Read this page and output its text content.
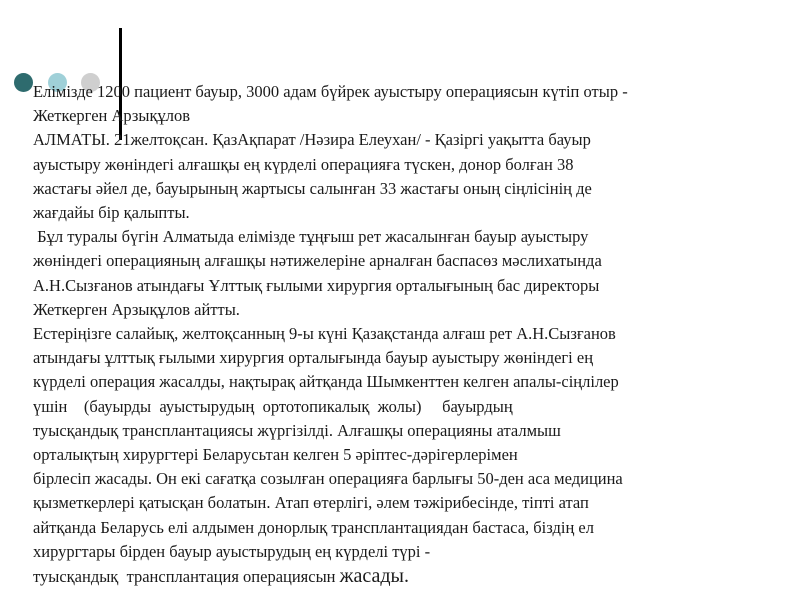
Елімізде 1200 пациент бауыр, 3000 адам бүйрек ауыстыру операциясын күтіп отыр -
Жеткерген Арзықұлов
АЛМАТЫ. 21желтоқсан. ҚазАқпарат /Нәзира Елеухан/ - Қазіргі уақытта бауыр
ауыстыру жөніндегі алғашқы ең күрделі операцияға түскен, донор болған 38
жастағы әйел де, бауырының жартысы салынған 33 жастағы оның сіңлісінің де
жағдайы бір қалыпты.
Бұл туралы бүгін Алматыда елімізде тұңғыш рет жасалынған бауыр ауыстыру
жөніндегі операцияның алғашқы нәтижелеріне арналған баспасөз мәслихатында
А.Н.Сызғанов атындағы Ұлттық ғылыми хирургия орталығының бас директоры
Жеткерген Арзықұлов айтты.
Естеріңізге салайық, желтоқсанның 9-ы күні Қазақстанда алғаш рет А.Н.Сызғанов
атындағы ұлттық ғылыми хирургия орталығында бауыр ауыстыру жөніндегі ең
күрделі операция жасалды, нақтырақ айтқанда Шымкенттен келген апалы-сіңлілер
үшін    (бауырды  ауыстырудың  ортотопикалық  жолы)     бауырдың
туысқандық трансплантациясы жүргізілді. Алғашқы операцияны аталмыш
орталықтың хирургтері Беларусьтан келген 5 әріптес-дәрігерлерімен
бірлесіп жасады. Он екі сағатқа созылған операцияға барлығы 50-ден аса медицина
қызметкерлері қатысқан болатын. Атап өтерлігі, әлем тәжірибесінде, тіпті атап
айтқанда Беларусь елі алдымен донорлық трансплантациядан бастаса, біздің ел
хирургтары бірден бауыр ауыстырудың ең күрделі түрі -
туысқандық  трансплантация операциясын жасады.
